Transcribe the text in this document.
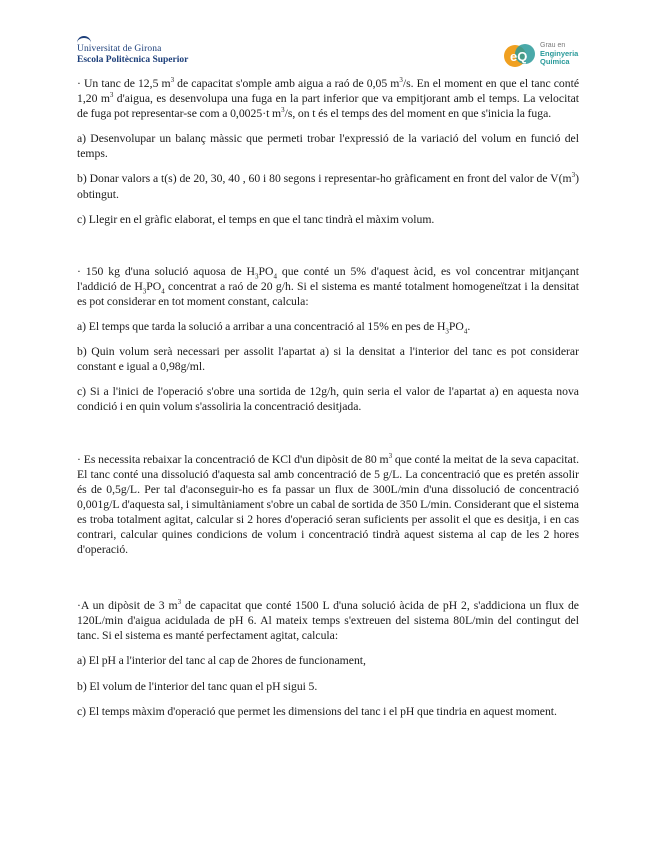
Universitat de Girona
Escola Politècnica Superior	eQ
Grau en
Enginyeria
Química

· Un tanc de 12,5 $m^3$ de capacitat s'omple amb aigua a raó de 0,05 $m^3/s$. En el moment en que el tanc conté 1,20 $m^3$ d'aigua, es desenvolupa una fuga en la part inferior que va empitjorant amb el temps. La velocitat de fuga pot representar-se com a 0,0025·t $m^3/s$, on t és el temps des del moment en que s'inicia la fuga.

a) Desenvolupar un balanç màssic que permeti trobar l'expressió de la variació del volum en funció del temps.

b) Donar valors a t(s) de 20, 30, 40 , 60 i 80 segons i representar-ho gràficament en front del valor de $V(m^3)$ obtingut.

c) Llegir en el gràfic elaborat, el temps en que el tanc tindrà el màxim volum.

· 150 kg d'una solució aquosa de $H_3PO_4$ que conté un 5% d'aquest àcid, es vol concentrar mitjançant l'addició de $H_3PO_4$ concentrat a raó de 20 g/h. Si el sistema es manté totalment homogeneïtzat i la densitat es pot considerar en tot moment constant, calcula:

a) El temps que tarda la solució a arribar a una concentració al 15% en pes de $H_3PO_4$.

b) Quin volum serà necessari per assolit l'apartat a) si la densitat a l'interior del tanc es pot considerar constant e igual a 0,98g/ml.

c) Si a l'inici de l'operació s'obre una sortida de 12g/h, quin seria el valor de l'apartat a) en aquesta nova condició i en quin volum s'assoliria la concentració desitjada.

· Es necessita rebaixar la concentració de KCl d'un dipòsit de 80 $m^3$ que conté la meitat de la seva capacitat. El tanc conté una dissolució d'aquesta sal amb concentració de 5 g/L. La concentració que es pretén assolir és de 0,5g/L. Per tal d'aconseguir-ho es fa passar un flux de 300L/min d'una dissolució de concentració 0,001g/L d'aquesta sal, i simultàniament s'obre un cabal de sortida de 350 L/min. Considerant que el sistema es troba totalment agitat, calcular si 2 hores d'operació seran suficients per assolit el que es desitja, i en cas contrari, calcular quines condicions de volum i concentració tindrà aquest sistema al cap de les 2 hores d'operació.

·A un dipòsit de 3 $m^3$ de capacitat que conté 1500 L d'una solució àcida de pH 2, s'addiciona un flux de 120L/min d'aigua acidulada de pH 6. Al mateix temps s'extreuen del sistema 80L/min del contingut del tanc. Si el sistema es manté perfectament agitat, calcula:

a) El pH a l'interior del tanc al cap de 2hores de funcionament,

b) El volum de l'interior del tanc quan el pH sigui 5.

c) El temps màxim d'operació que permet les dimensions del tanc i el pH que tindria en aquest moment.
